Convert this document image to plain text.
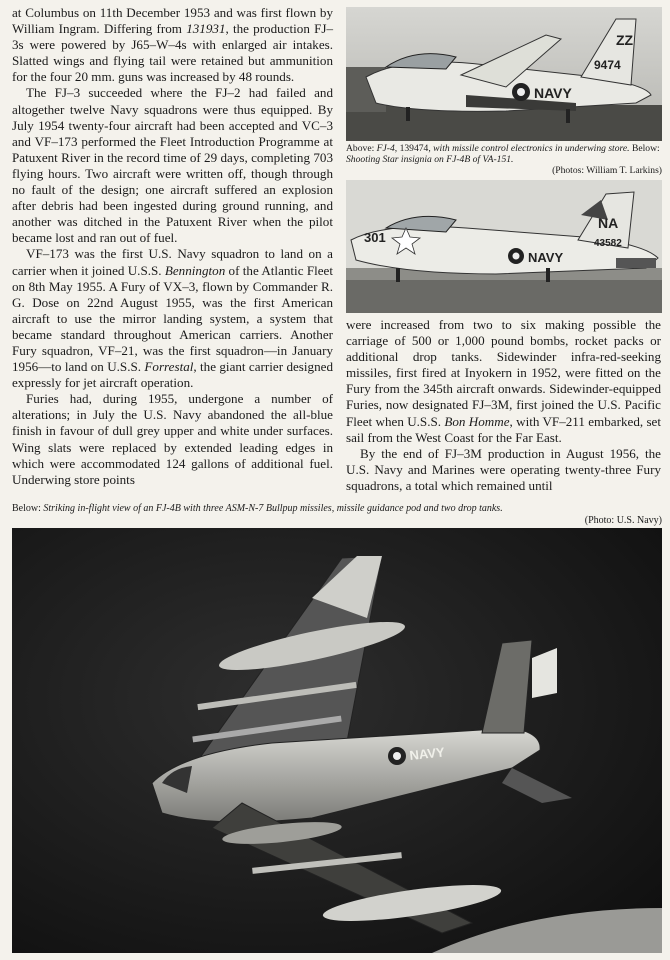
at Columbus on 11th December 1953 and was first flown by William Ingram. Differing from 131931, the production FJ–3s were powered by J65–W–4s with enlarged air intakes. Slatted wings and flying tail were retained but ammunition for the four 20 mm. guns was increased by 48 rounds.

The FJ–3 succeeded where the FJ–2 had failed and altogether twelve Navy squadrons were thus equipped. By July 1954 twenty-four aircraft had been accepted and VC–3 and VF–173 performed the Fleet Introduction Programme at Patuxent River in the record time of 29 days, completing 703 flying hours. Two aircraft were written off, though through no fault of the design; one aircraft suffered an explosion after debris had been ingested during ground running, and another was ditched in the Patuxent River when the pilot became lost and ran out of fuel.

VF–173 was the first U.S. Navy squadron to land on a carrier when it joined U.S.S. Bennington of the Atlantic Fleet on 8th May 1955. A Fury of VX–3, flown by Commander R. G. Dose on 22nd August 1955, was the first American aircraft to use the mirror landing system, a system that became standard throughout American carriers. Another Fury squadron, VF–21, was the first squadron—in January 1956—to land on U.S.S. Forrestal, the giant carrier designed expressly for jet aircraft operation.

Furies had, during 1955, undergone a number of alterations; in July the U.S. Navy abandoned the all-blue finish in favour of dull grey upper and white under surfaces. Wing slats were replaced by extended leading edges in which were accommodated 124 gallons of additional fuel. Underwing store points

NAVY
9474
ZZ
Above: FJ-4, 139474, with missile control electronics in underwing store. Below: Shooting Star insignia on FJ-4B of VA-151.
(Photos: William T. Larkins)
301
NA
43582
NAVY

were increased from two to six making possible the carriage of 500 or 1,000 pound bombs, rocket packs or additional drop tanks. Sidewinder infra-red-seeking missiles, first fired at Inyokern in 1952, were fitted on the Fury from the 345th aircraft onwards. Sidewinder-equipped Furies, now designated FJ–3M, first joined the U.S. Pacific Fleet when U.S.S. Bon Homme, with VF–211 embarked, set sail from the West Coast for the Far East.

By the end of FJ–3M production in August 1956, the U.S. Navy and Marines were operating twenty-three Fury squadrons, a total which remained until

Below: Striking in-flight view of an FJ-4B with three ASM-N-7 Bullpup missiles, missile guidance pod and two drop tanks.
(Photo: U.S. Navy)
NAVY
